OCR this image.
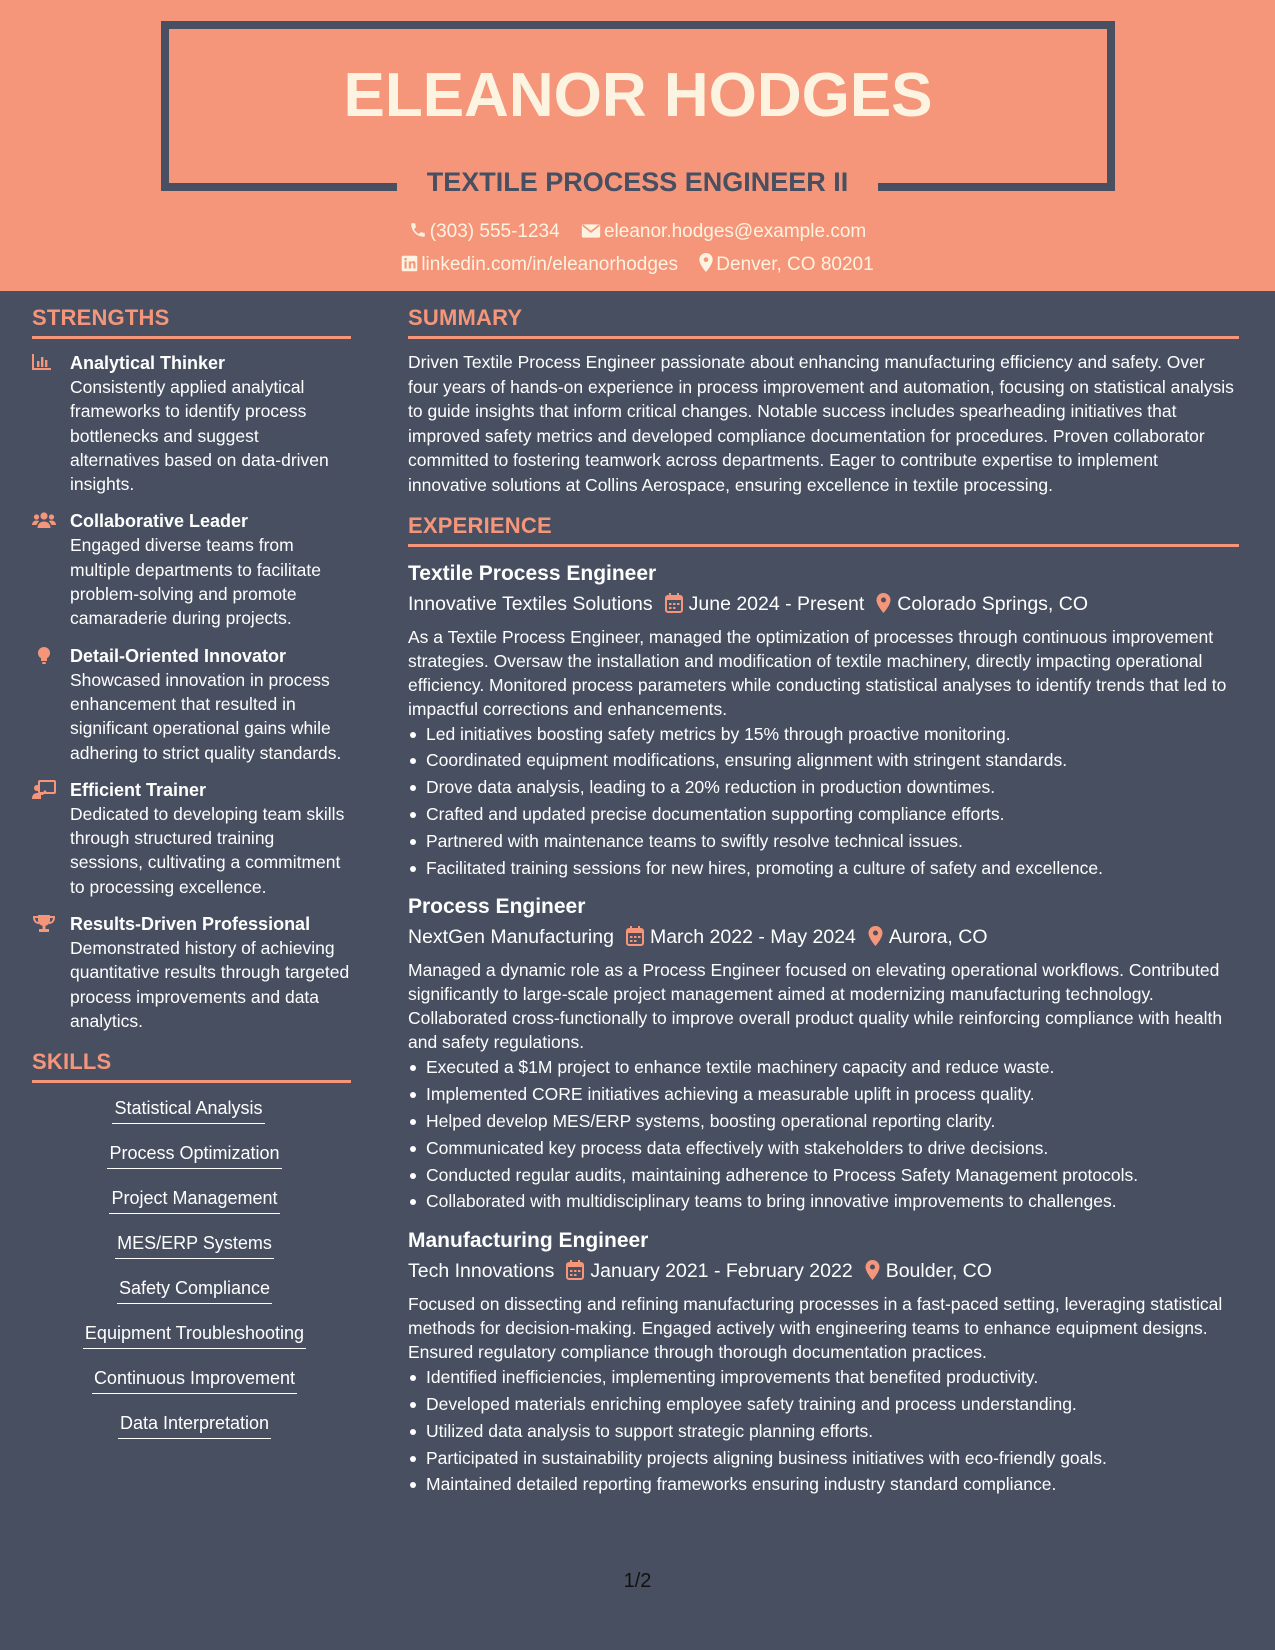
ELEANOR HODGES
TEXTILE PROCESS ENGINEER II
(303) 555-1234 eleanor.hodges@example.com
linkedin.com/in/eleanorhodges Denver, CO 80201
STRENGTHS
Analytical Thinker
Consistently applied analytical frameworks to identify process bottlenecks and suggest alternatives based on data-driven insights.
Collaborative Leader
Engaged diverse teams from multiple departments to facilitate problem-solving and promote camaraderie during projects.
Detail-Oriented Innovator
Showcased innovation in process enhancement that resulted in significant operational gains while adhering to strict quality standards.
Efficient Trainer
Dedicated to developing team skills through structured training sessions, cultivating a commitment to processing excellence.
Results-Driven Professional
Demonstrated history of achieving quantitative results through targeted process improvements and data analytics.
SKILLS
Statistical Analysis
Process Optimization
Project Management
MES/ERP Systems
Safety Compliance
Equipment Troubleshooting
Continuous Improvement
Data Interpretation
SUMMARY
Driven Textile Process Engineer passionate about enhancing manufacturing efficiency and safety. Over four years of hands-on experience in process improvement and automation, focusing on statistical analysis to guide insights that inform critical changes. Notable success includes spearheading initiatives that improved safety metrics and developed compliance documentation for procedures. Proven collaborator committed to fostering teamwork across departments. Eager to contribute expertise to implement innovative solutions at Collins Aerospace, ensuring excellence in textile processing.
EXPERIENCE
Textile Process Engineer
Innovative Textiles Solutions June 2024 - Present Colorado Springs, CO
As a Textile Process Engineer, managed the optimization of processes through continuous improvement strategies. Oversaw the installation and modification of textile machinery, directly impacting operational efficiency. Monitored process parameters while conducting statistical analyses to identify trends that led to impactful corrections and enhancements.
Led initiatives boosting safety metrics by 15% through proactive monitoring.
Coordinated equipment modifications, ensuring alignment with stringent standards.
Drove data analysis, leading to a 20% reduction in production downtimes.
Crafted and updated precise documentation supporting compliance efforts.
Partnered with maintenance teams to swiftly resolve technical issues.
Facilitated training sessions for new hires, promoting a culture of safety and excellence.
Process Engineer
NextGen Manufacturing March 2022 - May 2024 Aurora, CO
Managed a dynamic role as a Process Engineer focused on elevating operational workflows. Contributed significantly to large-scale project management aimed at modernizing manufacturing technology. Collaborated cross-functionally to improve overall product quality while reinforcing compliance with health and safety regulations.
Executed a $1M project to enhance textile machinery capacity and reduce waste.
Implemented CORE initiatives achieving a measurable uplift in process quality.
Helped develop MES/ERP systems, boosting operational reporting clarity.
Communicated key process data effectively with stakeholders to drive decisions.
Conducted regular audits, maintaining adherence to Process Safety Management protocols.
Collaborated with multidisciplinary teams to bring innovative improvements to challenges.
Manufacturing Engineer
Tech Innovations January 2021 - February 2022 Boulder, CO
Focused on dissecting and refining manufacturing processes in a fast-paced setting, leveraging statistical methods for decision-making. Engaged actively with engineering teams to enhance equipment designs. Ensured regulatory compliance through thorough documentation practices.
Identified inefficiencies, implementing improvements that benefited productivity.
Developed materials enriching employee safety training and process understanding.
Utilized data analysis to support strategic planning efforts.
Participated in sustainability projects aligning business initiatives with eco-friendly goals.
Maintained detailed reporting frameworks ensuring industry standard compliance.
1/2
